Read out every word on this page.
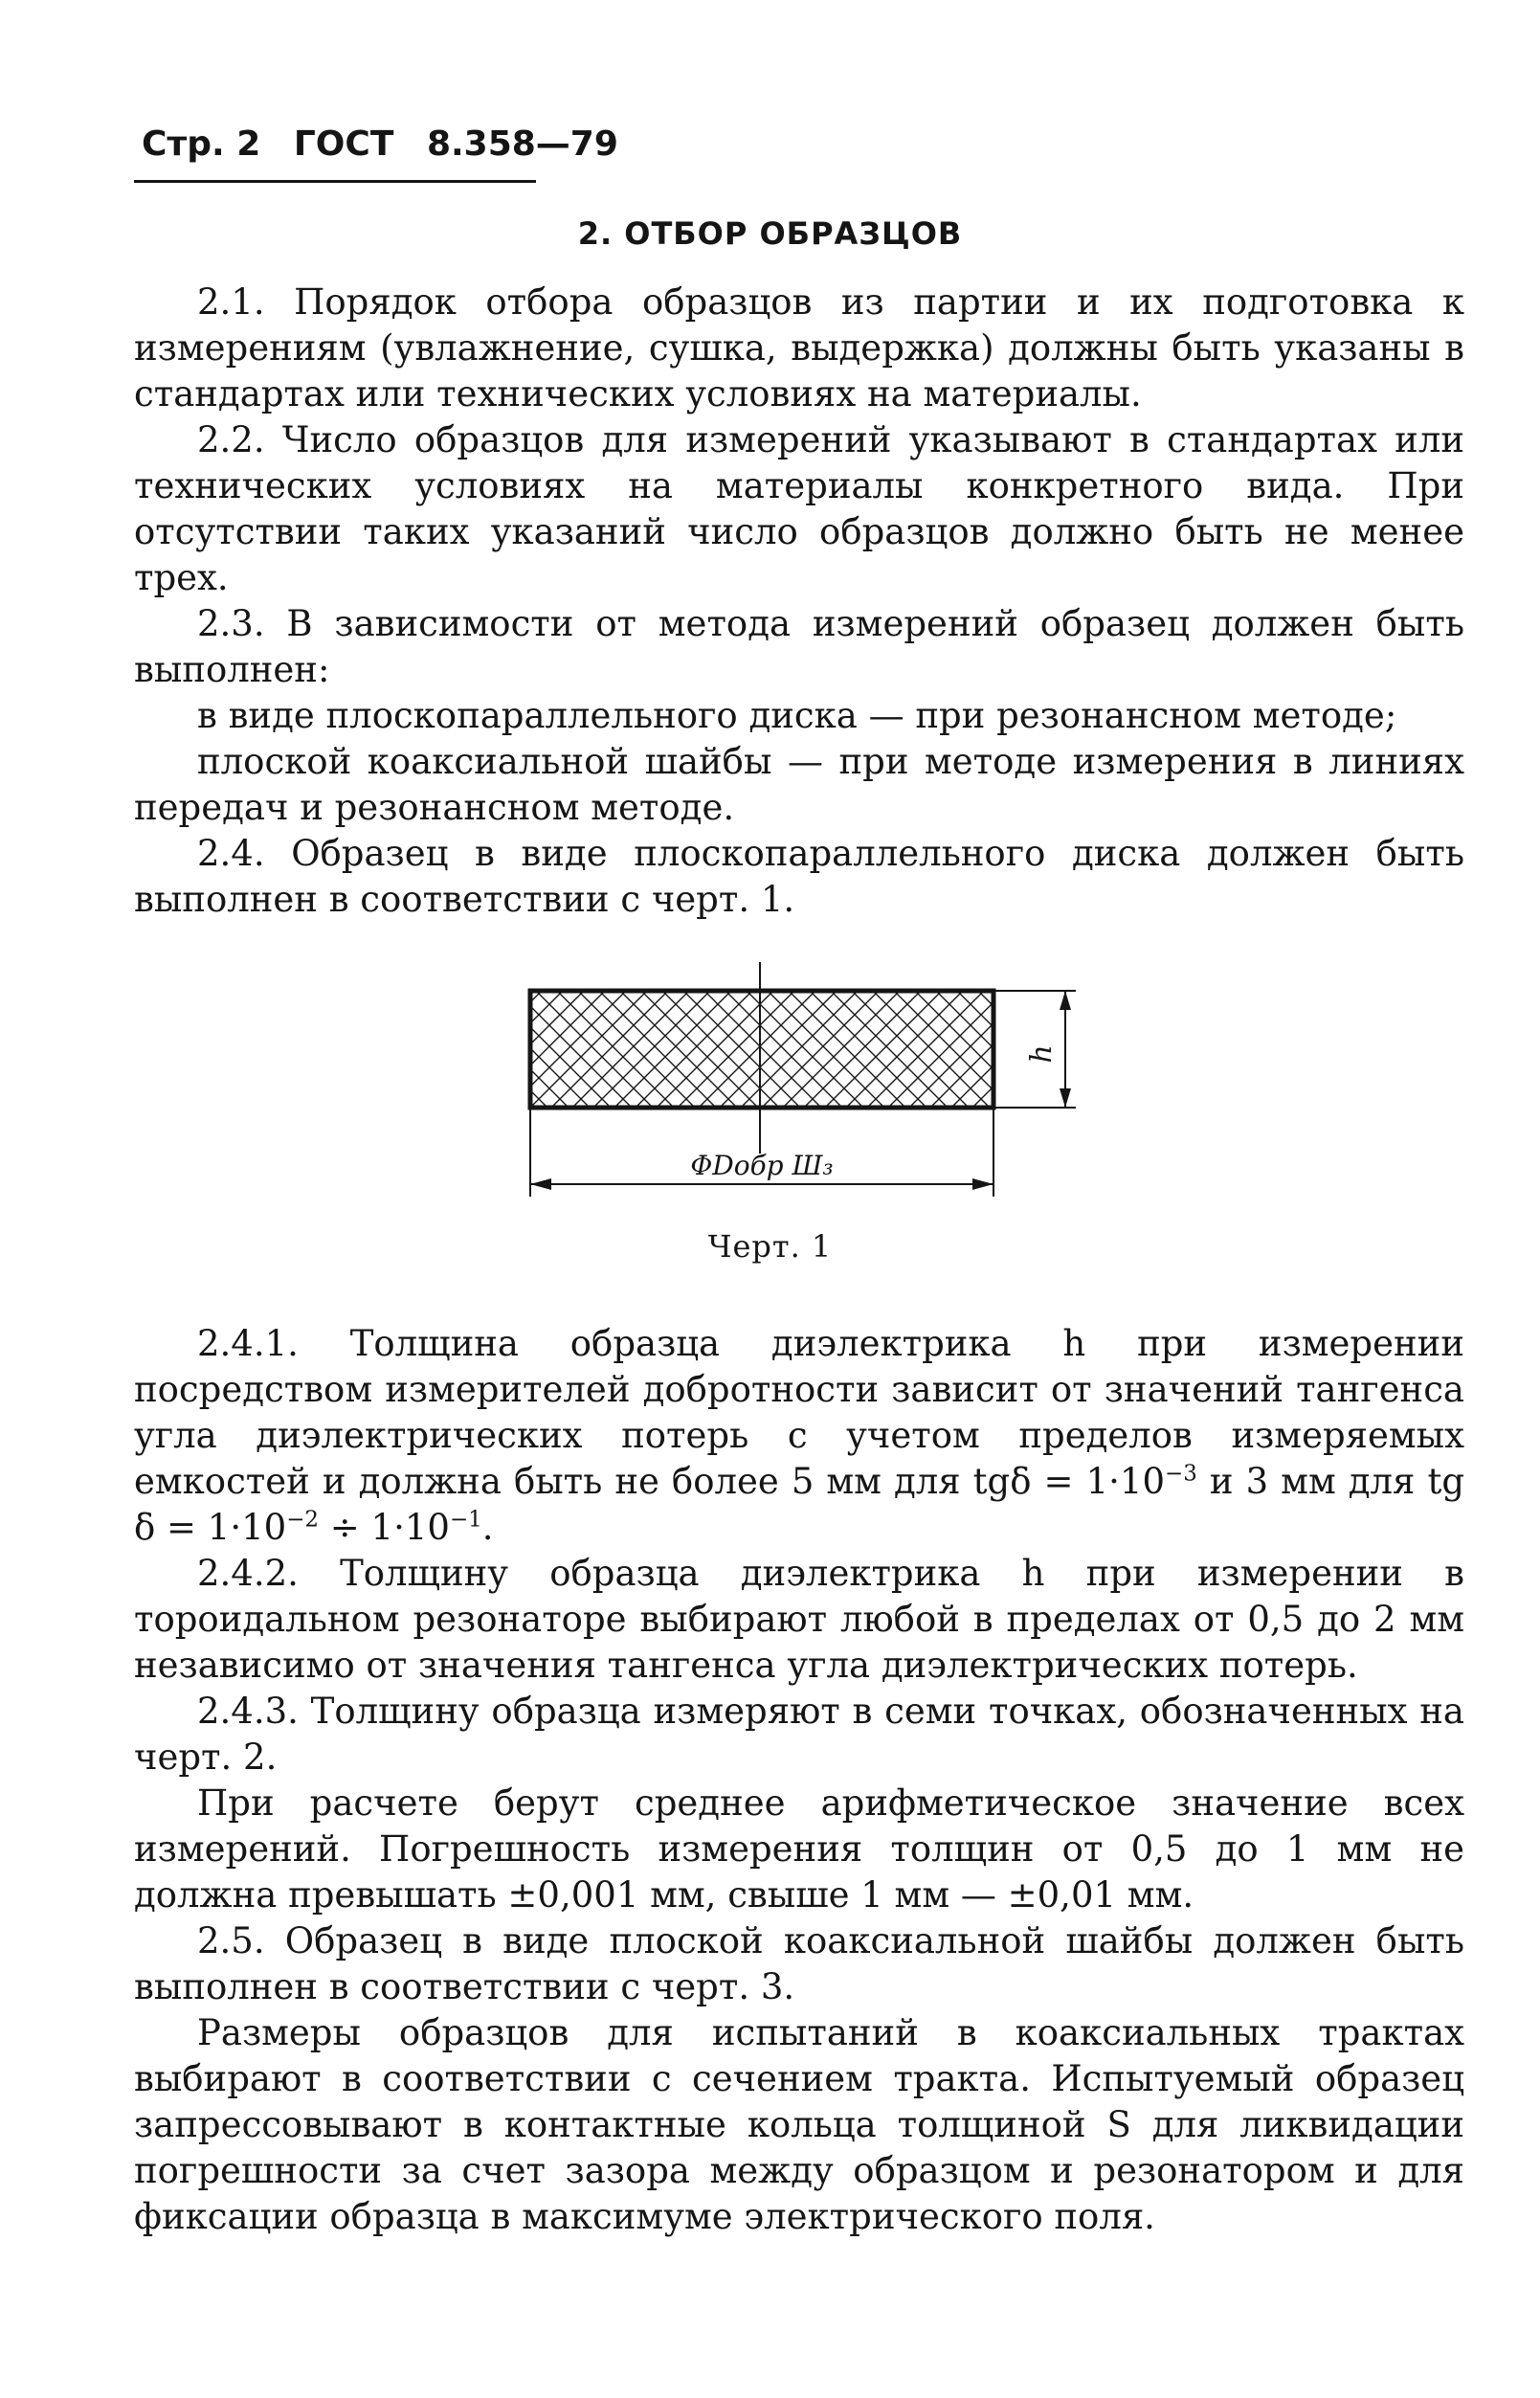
Стр. 2 ГОСТ 8.358—79
2. ОТБОР ОБРАЗЦОВ

2.1. Порядок отбора образцов из партии и их подготовка к измерениям (увлажнение, сушка, выдержка) должны быть указаны в стандартах или технических условиях на материалы.

2.2. Число образцов для измерений указывают в стандартах или технических условиях на материалы конкретного вида. При отсутствии таких указаний число образцов должно быть не менее трех.

2.3. В зависимости от метода измерений образец должен быть выполнен:

в виде плоскопараллельного диска — при резонансном методе;

плоской коаксиальной шайбы — при методе измерения в линиях передач и резонансном методе.

2.4. Образец в виде плоскопараллельного диска должен быть выполнен в соответствии с черт. 1.

h
ΦDобр Ш₃
Черт. 1

2.4.1. Толщина образца диэлектрика h при измерении посредством измерителей добротности зависит от значений тангенса угла диэлектрических потерь с учетом пределов измеряемых емкостей и должна быть не более 5 мм для $tg\delta = 1\cdot 10^{-3}$ и 3 мм для tg $\delta = 1\cdot 10^{-2} \div 1\cdot 10^{-1}$.

2.4.2. Толщину образца диэлектрика h при измерении в тороидальном резонаторе выбирают любой в пределах от 0,5 до 2 мм независимо от значения тангенса угла диэлектрических потерь.

2.4.3. Толщину образца измеряют в семи точках, обозначенных на черт. 2.

При расчете берут среднее арифметическое значение всех измерений. Погрешность измерения толщин от 0,5 до 1 мм не должна превышать ±0,001 мм, свыше 1 мм — ±0,01 мм.

2.5. Образец в виде плоской коаксиальной шайбы должен быть выполнен в соответствии с черт. 3.

Размеры образцов для испытаний в коаксиальных трактах выбирают в соответствии с сечением тракта. Испытуемый образец запрессовывают в контактные кольца толщиной S для ликвидации погрешности за счет зазора между образцом и резонатором и для фиксации образца в максимуме электрического поля.
